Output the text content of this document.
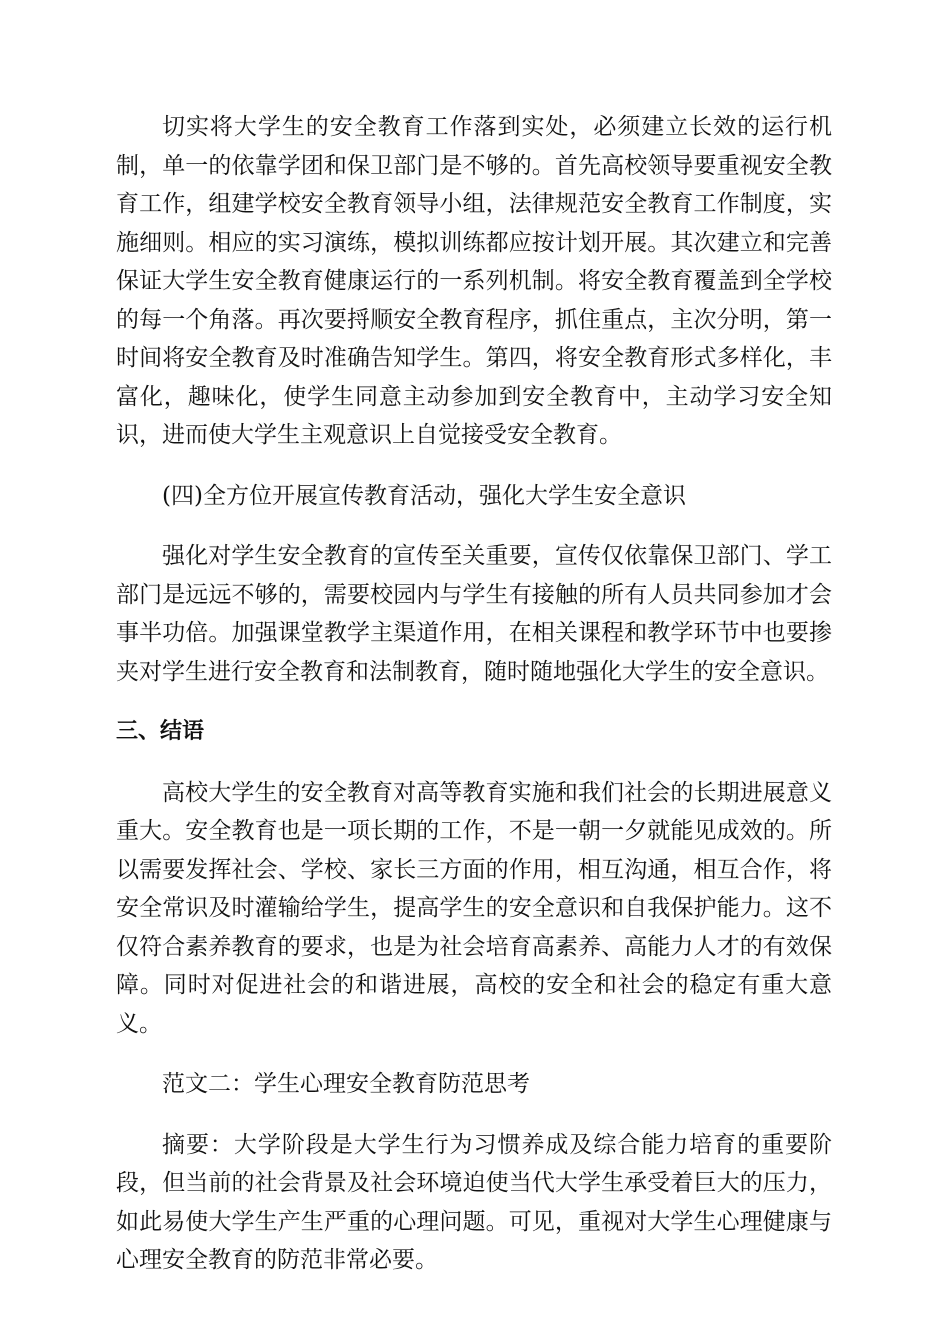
切实将大学生的安全教育工作落到实处，必须建立长效的运行机制，单一的依靠学团和保卫部门是不够的。首先高校领导要重视安全教育工作，组建学校安全教育领导小组，法律规范安全教育工作制度，实施细则。相应的实习演练，模拟训练都应按计划开展。其次建立和完善保证大学生安全教育健康运行的一系列机制。将安全教育覆盖到全学校的每一个角落。再次要捋顺安全教育程序，抓住重点，主次分明，第一时间将安全教育及时准确告知学生。第四，将安全教育形式多样化，丰富化，趣味化，使学生同意主动参加到安全教育中，主动学习安全知识，进而使大学生主观意识上自觉接受安全教育。

(四)全方位开展宣传教育活动，强化大学生安全意识

强化对学生安全教育的宣传至关重要，宣传仅依靠保卫部门、学工部门是远远不够的，需要校园内与学生有接触的所有人员共同参加才会事半功倍。加强课堂教学主渠道作用，在相关课程和教学环节中也要掺夹对学生进行安全教育和法制教育，随时随地强化大学生的安全意识。

三、结语

高校大学生的安全教育对高等教育实施和我们社会的长期进展意义重大。安全教育也是一项长期的工作，不是一朝一夕就能见成效的。所以需要发挥社会、学校、家长三方面的作用，相互沟通，相互合作，将安全常识及时灌输给学生，提高学生的安全意识和自我保护能力。这不仅符合素养教育的要求，也是为社会培育高素养、高能力人才的有效保障。同时对促进社会的和谐进展，高校的安全和社会的稳定有重大意义。

范文二：学生心理安全教育防范思考

摘要：大学阶段是大学生行为习惯养成及综合能力培育的重要阶段，但当前的社会背景及社会环境迫使当代大学生承受着巨大的压力，如此易使大学生产生严重的心理问题。可见，重视对大学生心理健康与心理安全教育的防范非常必要。
